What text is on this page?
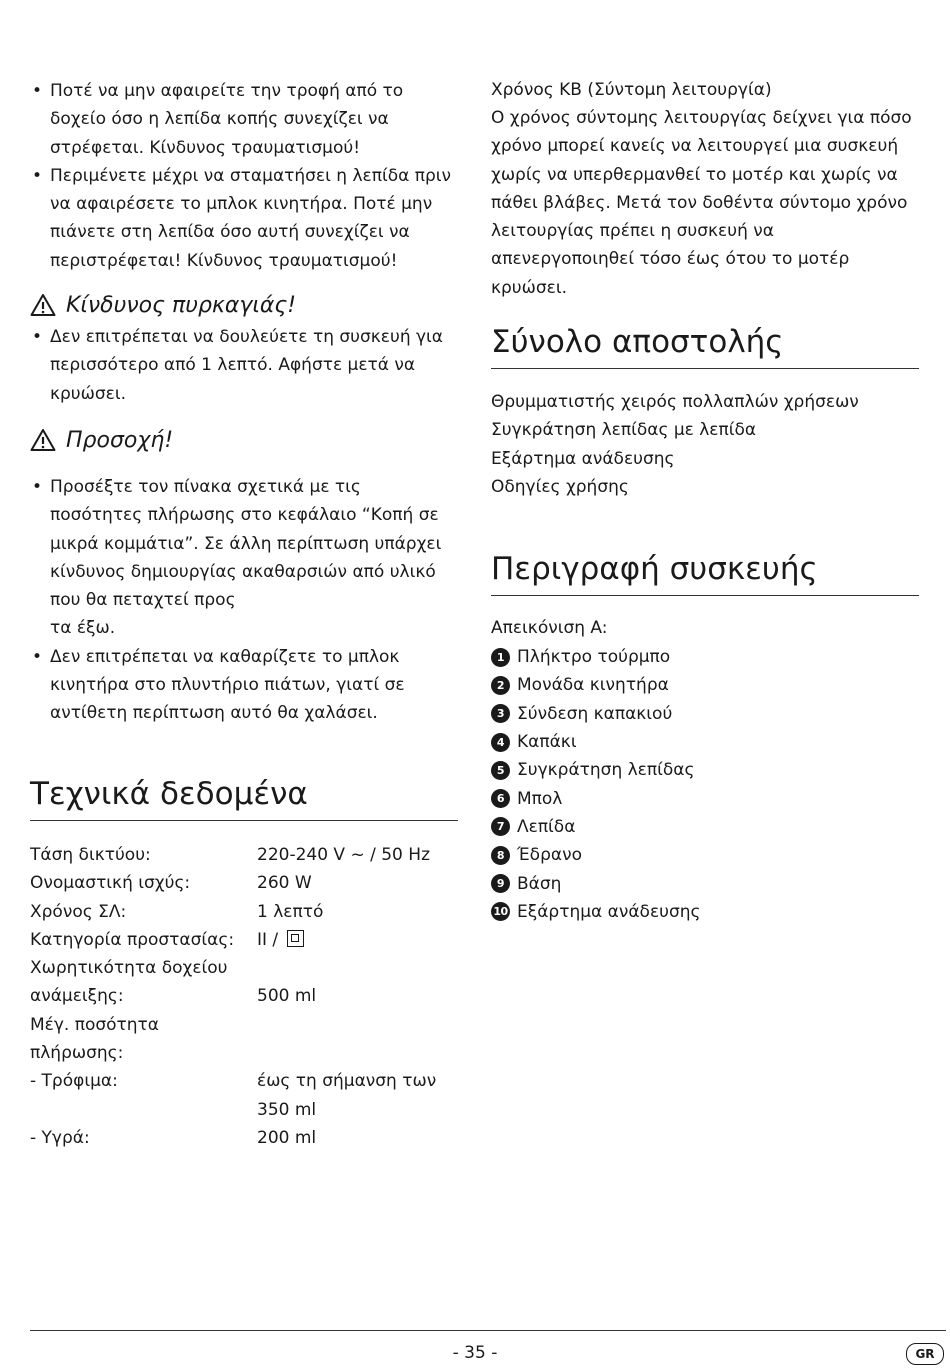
• Ποτέ να μην αφαιρείτε την τροφή από το δοχείο όσο η λεπίδα κοπής συνεχίζει να στρέφεται. Κίνδυνος τραυματισμού!
• Περιμένετε μέχρι να σταματήσει η λεπίδα πριν να αφαιρέσετε το μπλοκ κινητήρα. Ποτέ μην πιάνετε στη λεπίδα όσο αυτή συνεχίζει να περιστρέφεται! Κίνδυνος τραυματισμού!
Κίνδυνος πυρκαγιάς!
• Δεν επιτρέπεται να δουλεύετε τη συσκευή για περισσότερο από 1 λεπτό. Αφήστε μετά να κρυώσει.
Προσοχή!
• Προσέξτε τον πίνακα σχετικά με τις ποσότητες πλήρωσης στο κεφάλαιο “Κοπή σε μικρά κομμάτια”. Σε άλλη περίπτωση υπάρχει κίνδυνος δημιουργίας ακαθαρσιών από υλικό που θα πεταχτεί προς
τα έξω.
• Δεν επιτρέπεται να καθαρίζετε το μπλοκ κινητήρα στο πλυντήριο πιάτων, γιατί σε αντίθετη περίπτωση αυτό θα χαλάσει.
Τεχνικά δεδομένα
Τάση δικτύου:	220-240 V ~ / 50 Hz
Ονομαστική ισχύς:	260 W
Χρόνος ΣΛ:	1 λεπτό
Κατηγορία προστασίας:	II /
Χωρητικότητα δοχείου
ανάμειξης:	500 ml
Μέγ. ποσότητα
πλήρωσης:
- Τρόφιμα:	έως τη σήμανση των
350 ml
- Υγρά:	200 ml
Χρόνος KB (Σύντομη λειτουργία)
Ο χρόνος σύντομης λειτουργίας δείχνει για πόσο χρόνο μπορεί κανείς να λειτουργεί μια συσκευή χωρίς να υπερθερμανθεί το μοτέρ και χωρίς να πάθει βλάβες. Μετά τον δοθέντα σύντομο χρόνο λειτουργίας πρέπει η συσκευή να απενεργοποιηθεί τόσο έως ότου το μοτέρ κρυώσει.
Σύνολο αποστολής
Θρυμματιστής χειρός πολλαπλών χρήσεων
Συγκράτηση λεπίδας με λεπίδα
Εξάρτημα ανάδευσης
Οδηγίες χρήσης
Περιγραφή συσκευής
Απεικόνιση A:
1 Πλήκτρο τούρμπο
2 Μονάδα κινητήρα
3 Σύνδεση καπακιού
4 Καπάκι
5 Συγκράτηση λεπίδας
6 Μπολ
7 Λεπίδα
8 Έδρανο
9 Βάση
10 Εξάρτημα ανάδευσης
- 35 -	GR
